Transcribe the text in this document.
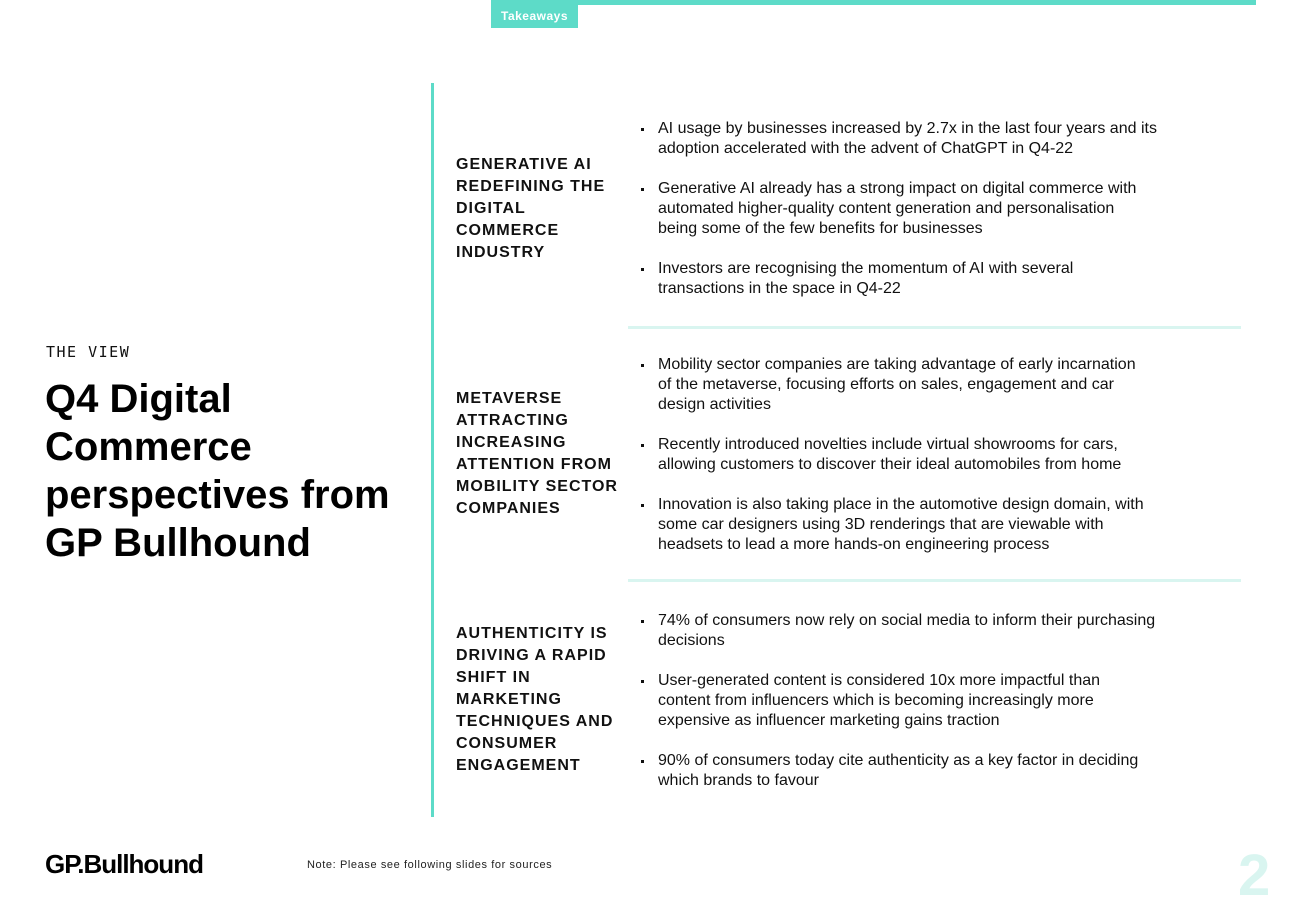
Takeaways
THE VIEW
Q4 Digital
Commerce
perspectives from
GP Bullhound
GENERATIVE AI
REDEFINING THE
DIGITAL
COMMERCE
INDUSTRY
AI usage by businesses increased by 2.7x in the last four years and its
adoption accelerated with the advent of ChatGPT in Q4-22
Generative AI already has a strong impact on digital commerce with
automated higher-quality content generation and personalisation
being some of the few benefits for businesses
Investors are recognising the momentum of AI with several
transactions in the space in Q4-22
METAVERSE
ATTRACTING
INCREASING
ATTENTION FROM
MOBILITY SECTOR
COMPANIES
Mobility sector companies are taking advantage of early incarnation
of the metaverse, focusing efforts on sales, engagement and car
design activities
Recently introduced novelties include virtual showrooms for cars,
allowing customers to discover their ideal automobiles from home
Innovation is also taking place in the automotive design domain, with
some car designers using 3D renderings that are viewable with
headsets to lead a more hands-on engineering process
AUTHENTICITY IS
DRIVING A RAPID
SHIFT IN
MARKETING
TECHNIQUES AND
CONSUMER
ENGAGEMENT
74% of consumers now rely on social media to inform their purchasing
decisions
User-generated content is considered 10x more impactful than
content from influencers which is becoming increasingly more
expensive as influencer marketing gains traction
90% of consumers today cite authenticity as a key factor in deciding
which brands to favour
GP.Bullhound	Note: Please see following slides for sources	2
